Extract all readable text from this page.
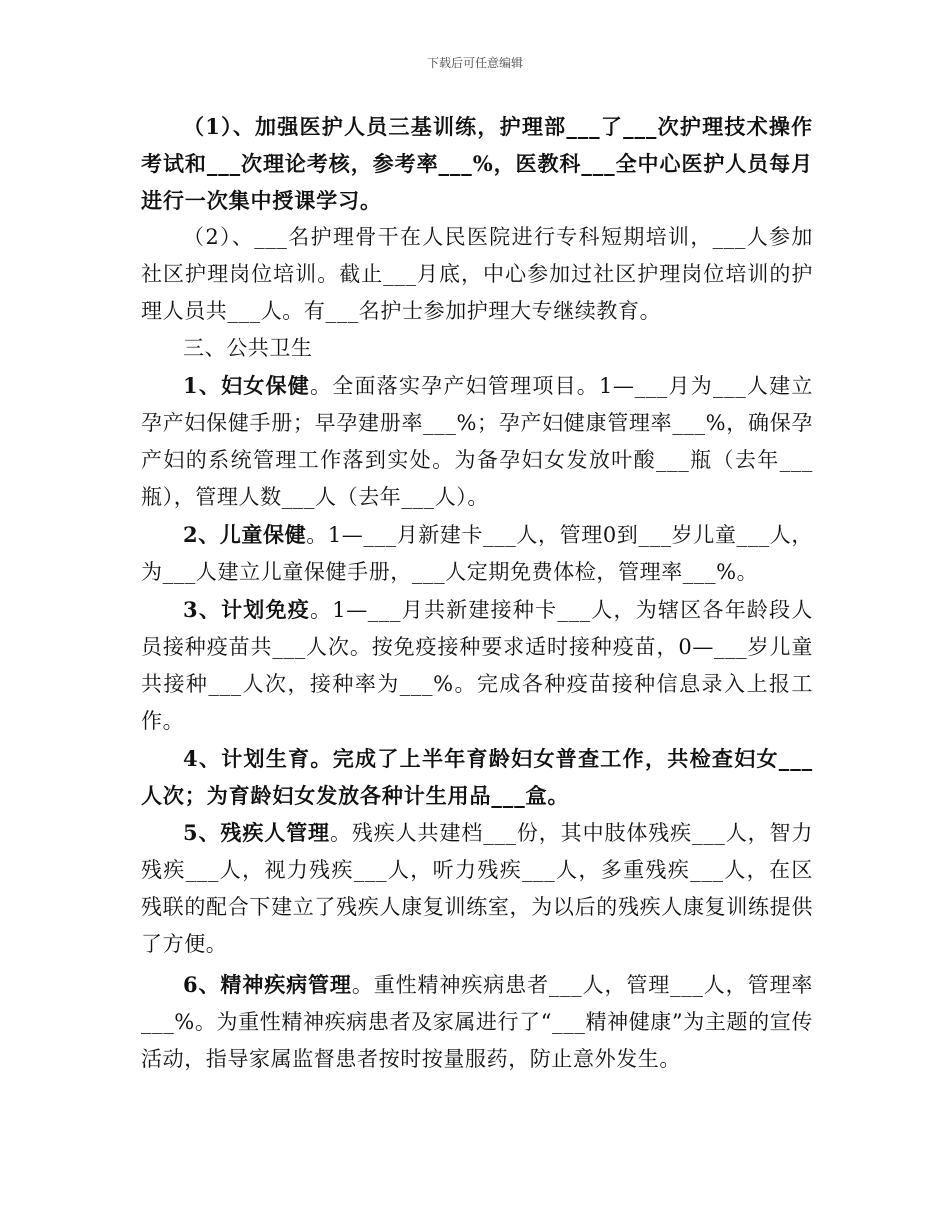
下载后可任意编辑

（1）、加强医护人员三基训练，护理部___了___次护理技术操作考试和___次理论考核，参考率___%，医教科___全中心医护人员每月进行一次集中授课学习。

（2）、___名护理骨干在人民医院进行专科短期培训，___人参加社区护理岗位培训。截止___月底，中心参加过社区护理岗位培训的护理人员共___人。有___名护士参加护理大专继续教育。

三、公共卫生

1、妇女保健。全面落实孕产妇管理项目。1—___月为___人建立孕产妇保健手册；早孕建册率___%；孕产妇健康管理率___%，确保孕产妇的系统管理工作落到实处。为备孕妇女发放叶酸___瓶（去年___瓶），管理人数___人（去年___人）。

2、儿童保健。1—___月新建卡___人，管理0到___岁儿童___人，为___人建立儿童保健手册，___人定期免费体检，管理率___%。

3、计划免疫。1—___月共新建接种卡___人，为辖区各年龄段人员接种疫苗共___人次。按免疫接种要求适时接种疫苗，0—___岁儿童共接种___人次，接种率为___%。完成各种疫苗接种信息录入上报工作。

4、计划生育。完成了上半年育龄妇女普查工作，共检查妇女___人次；为育龄妇女发放各种计生用品___盒。

5、残疾人管理。残疾人共建档___份，其中肢体残疾___人，智力残疾___人，视力残疾___人，听力残疾___人，多重残疾___人，在区残联的配合下建立了残疾人康复训练室，为以后的残疾人康复训练提供了方便。

6、精神疾病管理。重性精神疾病患者___人，管理___人，管理率___%。为重性精神疾病患者及家属进行了“___精神健康”为主题的宣传活动，指导家属监督患者按时按量服药，防止意外发生。
